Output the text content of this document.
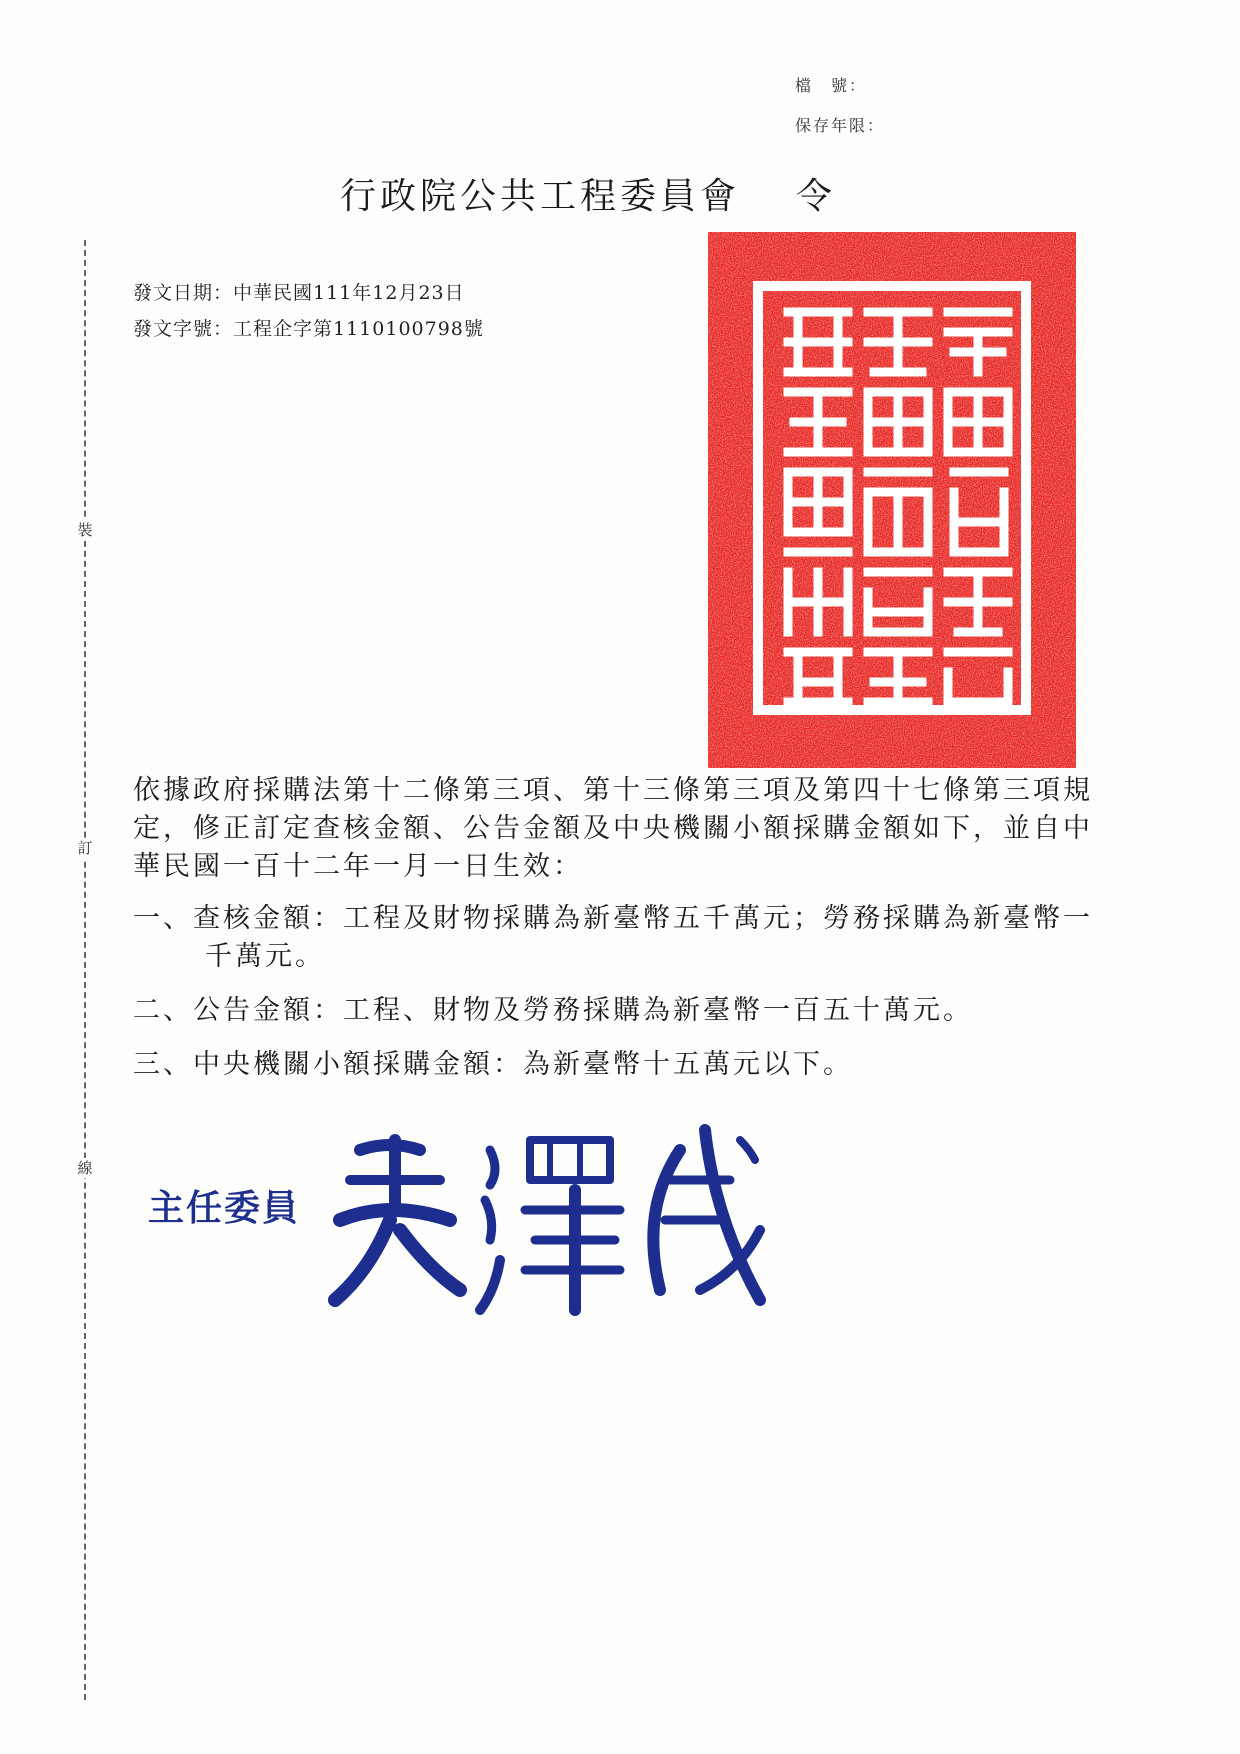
裝
訂
線
檔　號：
保存年限：
行政院公共工程委員會 令
發文日期：中華民國111年12月23日
發文字號：工程企字第1110100798號

依據政府採購法第十二條第三項、第十三條第三項及第四十七條第三項規定，修正訂定查核金額、公告金額及中央機關小額採購金額如下，並自中華民國一百十二年一月一日生效：

一、查核金額：工程及財物採購為新臺幣五千萬元；勞務採購為新臺幣一千萬元。

二、公告金額：工程、財物及勞務採購為新臺幣一百五十萬元。

三、中央機關小額採購金額：為新臺幣十五萬元以下。

主任委員
